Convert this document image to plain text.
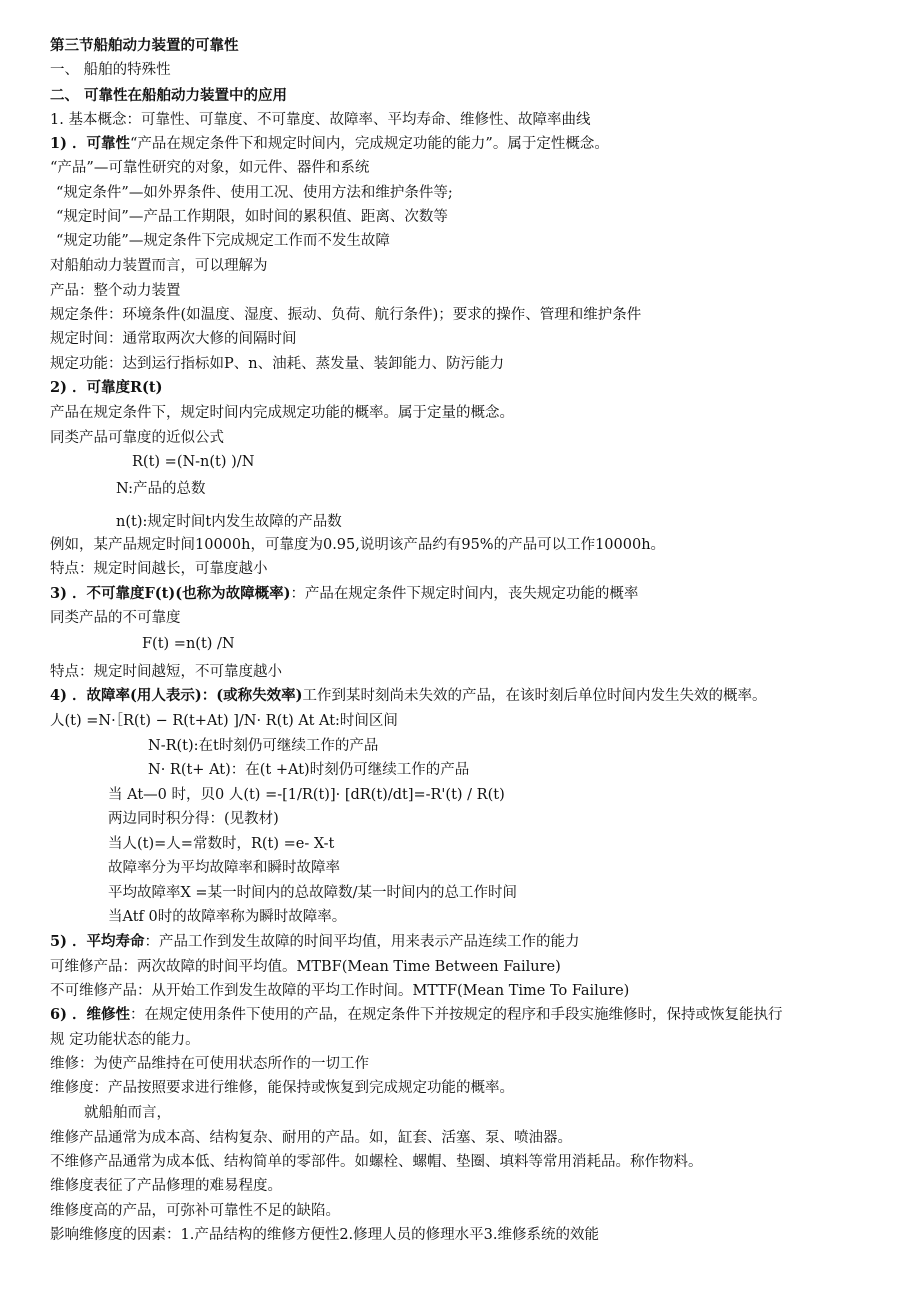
第三节船舶动力装置的可靠性
一、 船舶的特殊性
二、 可靠性在船舶动力装置中的应用
1. 基本概念：可靠性、可靠度、不可靠度、故障率、平均寿命、维修性、故障率曲线
1) ．可靠性“产品在规定条件下和规定时间内，完成规定功能的能力”。属于定性概念。
“产品”—可靠性研究的对象，如元件、器件和系统
“规定条件”—如外界条件、使用工况、使用方法和维护条件等;
“规定时间”—产品工作期限，如时间的累积值、距离、次数等
“规定功能”—规定条件下完成规定工作而不发生故障
对船舶动力装置而言，可以理解为
产品：整个动力装置
规定条件：环境条件(如温度、湿度、振动、负荷、航行条件)；要求的操作、管理和维护条件
规定时间：通常取两次大修的间隔时间
规定功能：达到运行指标如P、n、油耗、蒸发量、装卸能力、防污能力
2) ．可靠度R(t)
产品在规定条件下，规定时间内完成规定功能的概率。属于定量的概念。
同类产品可靠度的近似公式
R(t) =(N-n(t) )/N
N:产品的总数
n(t):规定时间t内发生故障的产品数
例如，某产品规定时间10000h，可靠度为0.95,说明该产品约有95%的产品可以工作10000h。
特点：规定时间越长，可靠度越小
3) ．不可靠度F(t)(也称为故障概率)：产品在规定条件下规定时间内，丧失规定功能的概率
同类产品的不可靠度
F(t) =n(t) /N
特点：规定时间越短，不可靠度越小
4) ．故障率(用人表示)：(或称失效率)工作到某时刻尚未失效的产品，在该时刻后单位时间内发生失效的概率。
人(t) =N·［R(t) − R(t+At) ]/N· R(t) At At:时间区间
N-R(t):在t时刻仍可继续工作的产品
N· R(t+ At)：在(t +At)时刻仍可继续工作的产品
当 At—0 时，贝0 人(t) =-[1/R(t)]· [dR(t)/dt]=-R'(t) / R(t)
两边同时积分得：(见教材)
当人(t)=人=常数时，R(t) =e- X-t
故障率分为平均故障率和瞬时故障率
平均故障率X =某一时间内的总故障数/某一时间内的总工作时间
当Atf 0时的故障率称为瞬时故障率。
5) ．平均寿命：产品工作到发生故障的时间平均值，用来表示产品连续工作的能力
可维修产品：两次故障的时间平均值。MTBF(Mean Time Between Failure)
不可维修产品：从开始工作到发生故障的平均工作时间。MTTF(Mean Time To Failure)
6) ．维修性：在规定使用条件下使用的产品，在规定条件下并按规定的程序和手段实施维修时，保持或恢复能执行
规 定功能状态的能力。
维修：为使产品维持在可使用状态所作的一切工作
维修度：产品按照要求进行维修，能保持或恢复到完成规定功能的概率。
就船舶而言，
维修产品通常为成本高、结构复杂、耐用的产品。如，缸套、活塞、泵、喷油器。
不维修产品通常为成本低、结构简单的零部件。如螺栓、螺帽、垫圈、填料等常用消耗品。称作物料。
维修度表征了产品修理的难易程度。
维修度高的产品，可弥补可靠性不足的缺陷。
影响维修度的因素：1.产品结构的维修方便性2.修理人员的修理水平3.维修系统的效能
